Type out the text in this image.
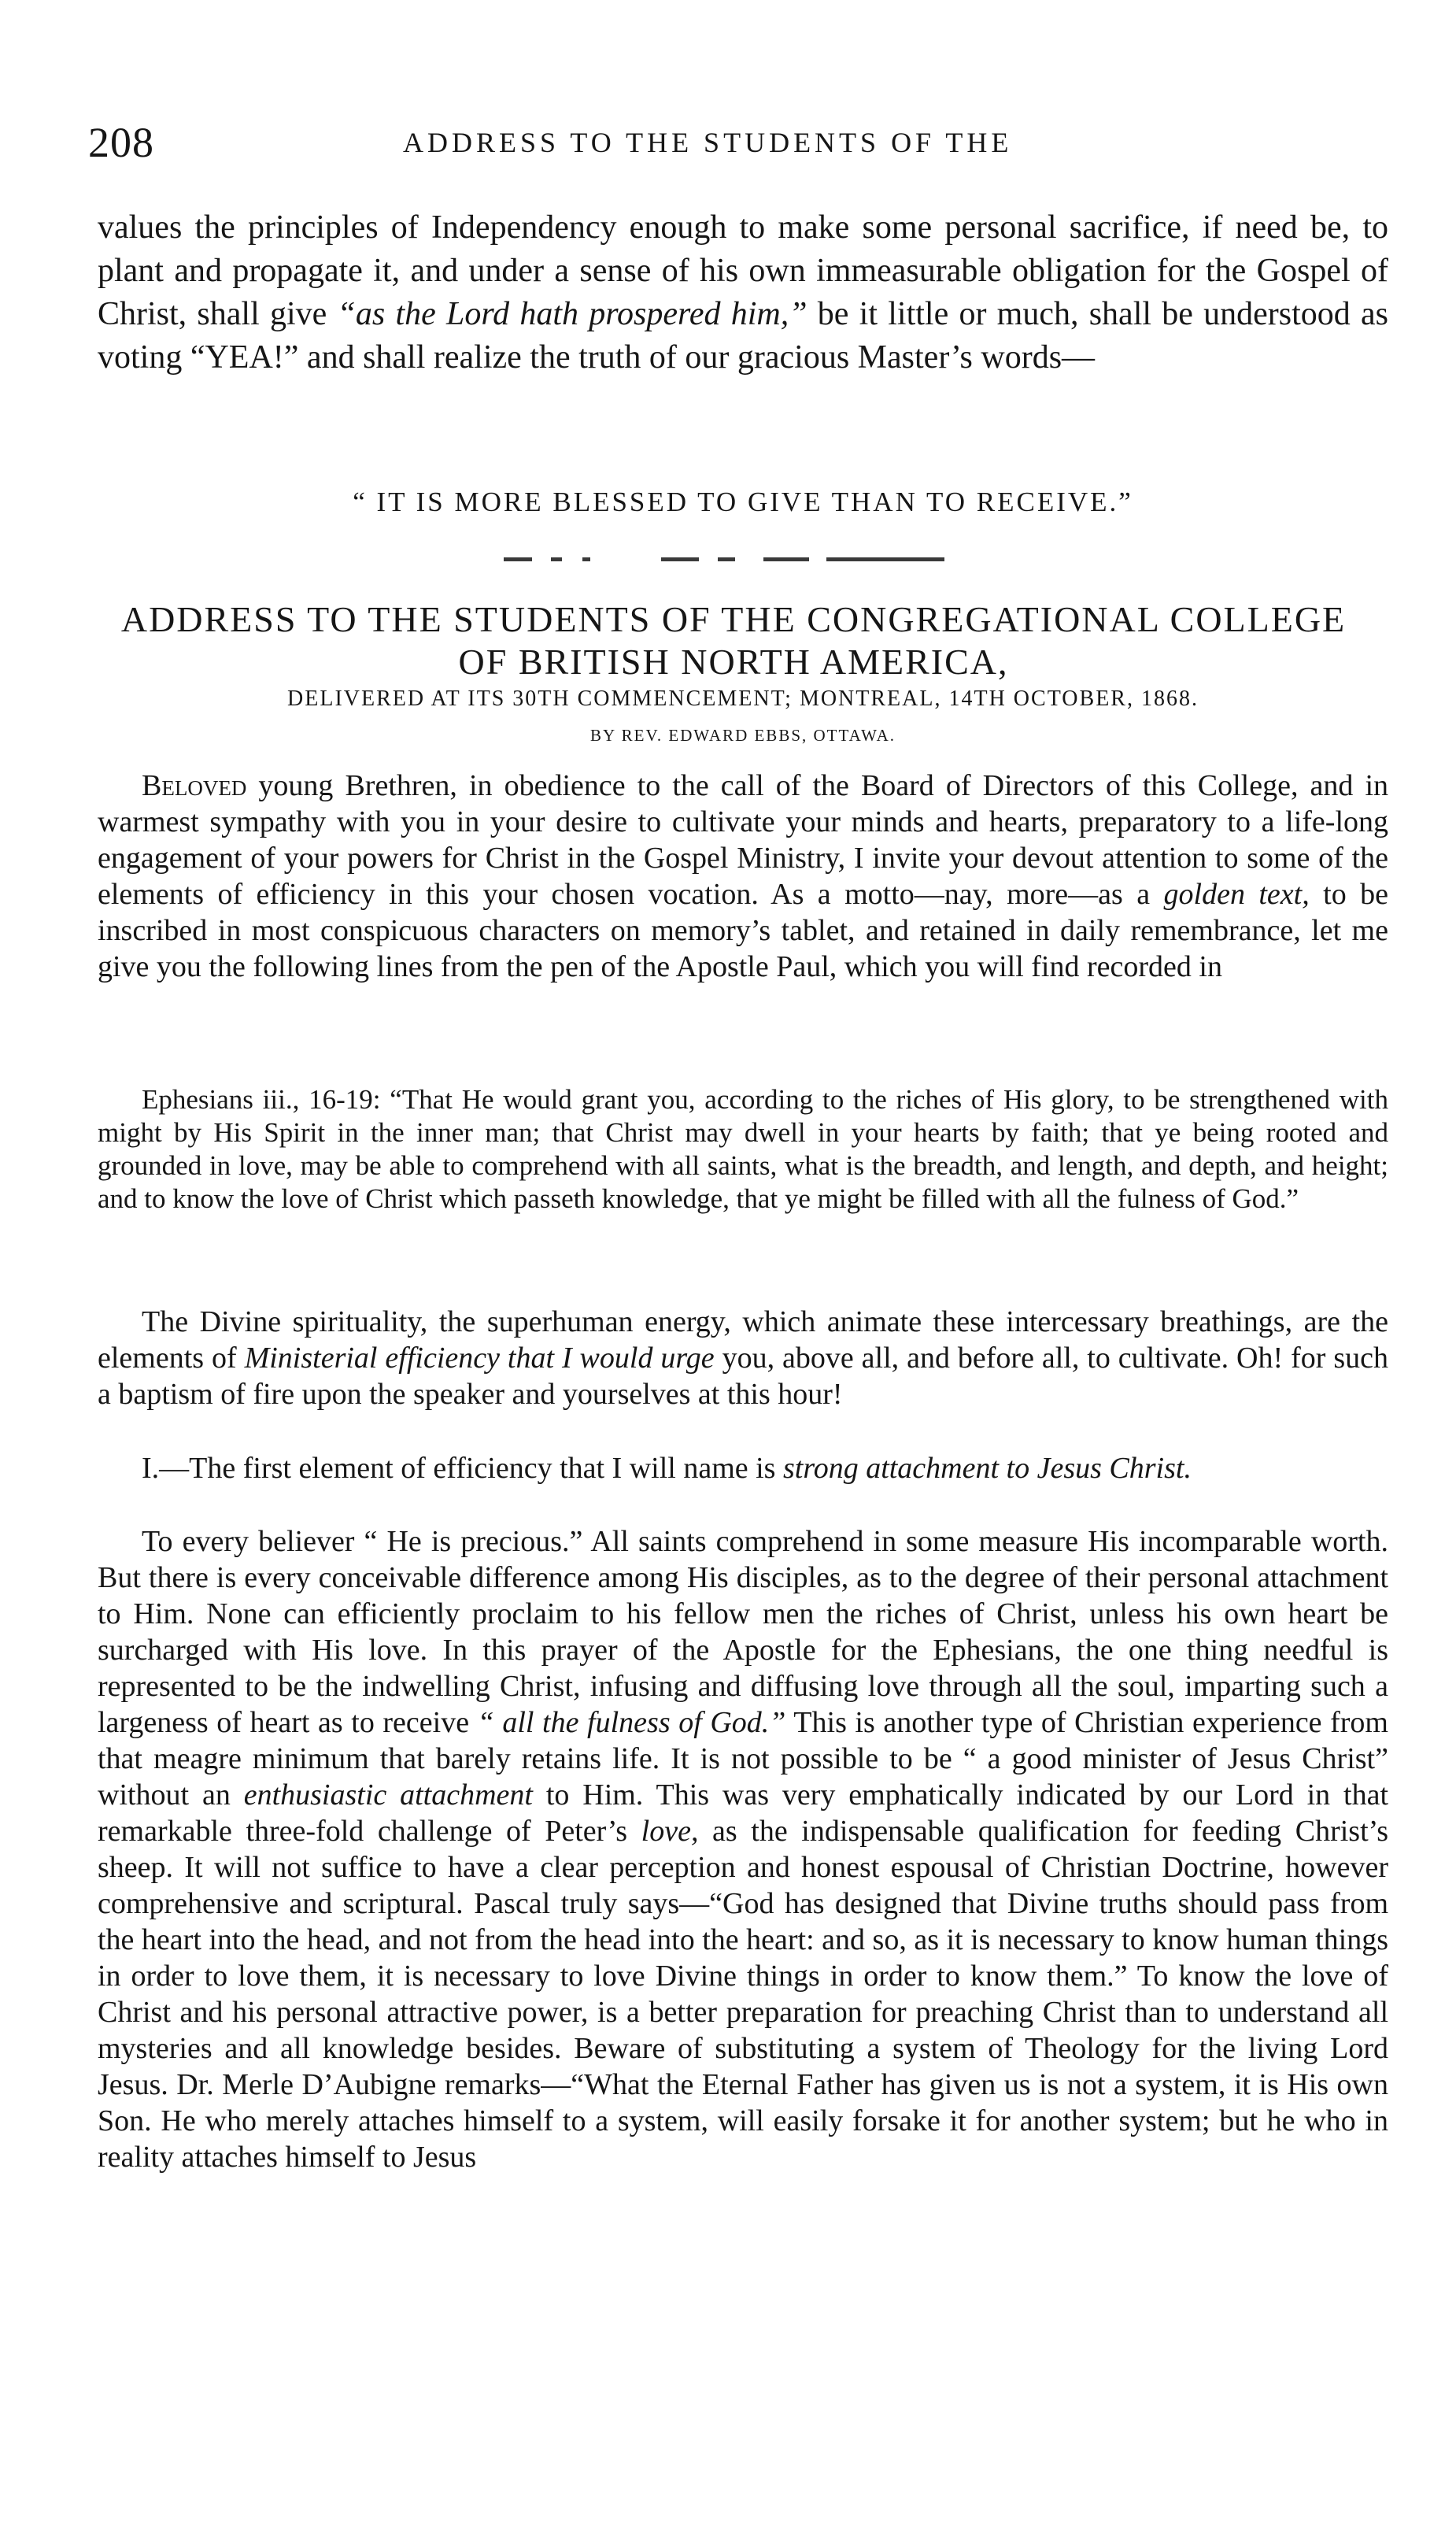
208	ADDRESS TO THE STUDENTS OF THE

values the principles of Independency enough to make some personal sacrifice, if need be, to plant and propagate it, and under a sense of his own immeasurable obligation for the Gospel of Christ, shall give “as the Lord hath prospered him,” be it little or much, shall be understood as voting “YEA!” and shall realize the truth of our gracious Master’s words—

“ IT IS MORE BLESSED TO GIVE THAN TO RECEIVE.”
ADDRESS TO THE STUDENTS OF THE CONGREGATIONAL COLLEGE
OF BRITISH NORTH AMERICA,
DELIVERED AT ITS 30TH COMMENCEMENT; MONTREAL, 14TH OCTOBER, 1868.
BY REV. EDWARD EBBS, OTTAWA.

Beloved young Brethren, in obedience to the call of the Board of Directors of this College, and in warmest sympathy with you in your desire to cultivate your minds and hearts, preparatory to a life-long engagement of your powers for Christ in the Gospel Ministry, I invite your devout attention to some of the elements of efficiency in this your chosen vocation. As a motto—nay, more—as a golden text, to be inscribed in most conspicuous characters on memory’s tablet, and retained in daily remembrance, let me give you the following lines from the pen of the Apostle Paul, which you will find recorded in

Ephesians iii., 16-19: “That He would grant you, according to the riches of His glory, to be strengthened with might by His Spirit in the inner man; that Christ may dwell in your hearts by faith; that ye being rooted and grounded in love, may be able to comprehend with all saints, what is the breadth, and length, and depth, and height; and to know the love of Christ which passeth knowledge, that ye might be filled with all the fulness of God.”

The Divine spirituality, the superhuman energy, which animate these intercessary breathings, are the elements of Ministerial efficiency that I would urge you, above all, and before all, to cultivate. Oh! for such a baptism of fire upon the speaker and yourselves at this hour!

I.—The first element of efficiency that I will name is strong attachment to Jesus Christ.

To every believer “ He is precious.” All saints comprehend in some measure His incomparable worth. But there is every conceivable difference among His disciples, as to the degree of their personal attachment to Him. None can efficiently proclaim to his fellow men the riches of Christ, unless his own heart be surcharged with His love. In this prayer of the Apostle for the Ephesians, the one thing needful is represented to be the indwelling Christ, infusing and diffusing love through all the soul, imparting such a largeness of heart as to receive “ all the fulness of God.” This is another type of Christian experience from that meagre minimum that barely retains life. It is not possible to be “ a good minister of Jesus Christ” without an enthusiastic attachment to Him. This was very emphatically indicated by our Lord in that remarkable three-fold challenge of Peter’s love, as the indispensable qualification for feeding Christ’s sheep. It will not suffice to have a clear perception and honest espousal of Christian Doctrine, however comprehensive and scriptural. Pascal truly says—“God has designed that Divine truths should pass from the heart into the head, and not from the head into the heart: and so, as it is necessary to know human things in order to love them, it is necessary to love Divine things in order to know them.” To know the love of Christ and his personal attractive power, is a better preparation for preaching Christ than to understand all mysteries and all knowledge besides. Beware of substituting a system of Theology for the living Lord Jesus. Dr. Merle D’Aubigne remarks—“What the Eternal Father has given us is not a system, it is His own Son. He who merely attaches himself to a system, will easily forsake it for another system; but he who in reality attaches himself to Jesus
